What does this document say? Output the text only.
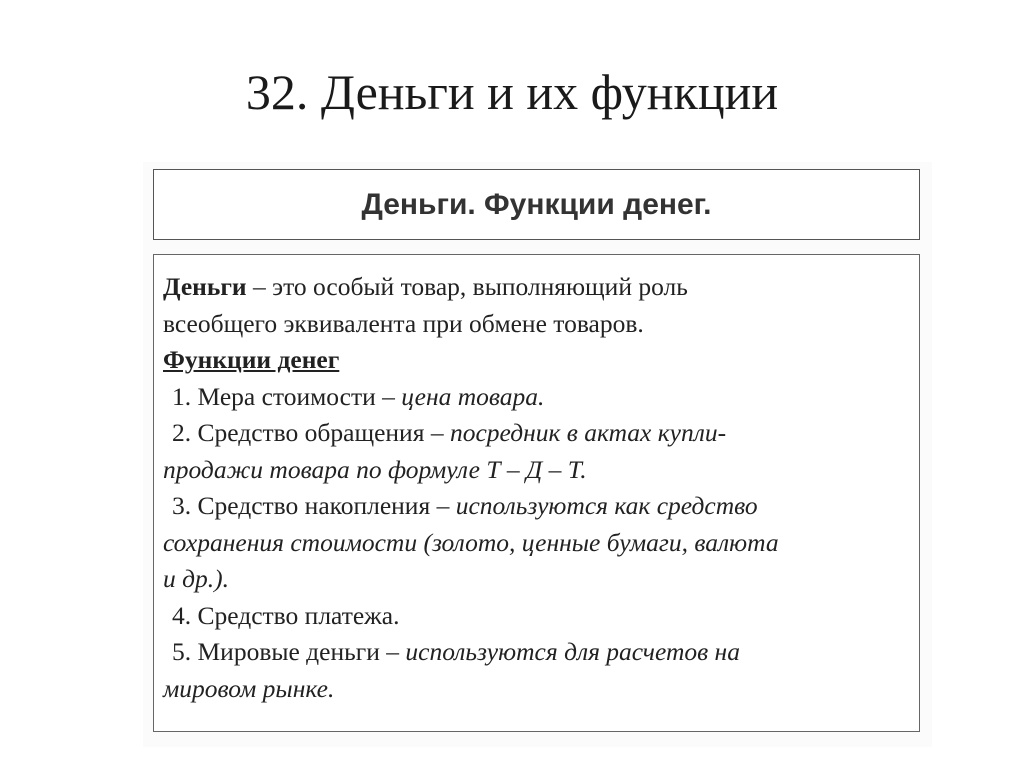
32. Деньги и их функции
Деньги. Функции денег.
Деньги – это особый товар, выполняющий роль
всеобщего эквивалента при обмене товаров.
Функции денег
1. Мера стоимости – цена товара.
2. Средство обращения – посредник в актах купли-
продажи товара по формуле Т – Д – Т.
3. Средство накопления – используются как средство
сохранения стоимости (золото, ценные бумаги, валюта
и др.).
4. Средство платежа.
5. Мировые деньги – используются для расчетов на
мировом рынке.
